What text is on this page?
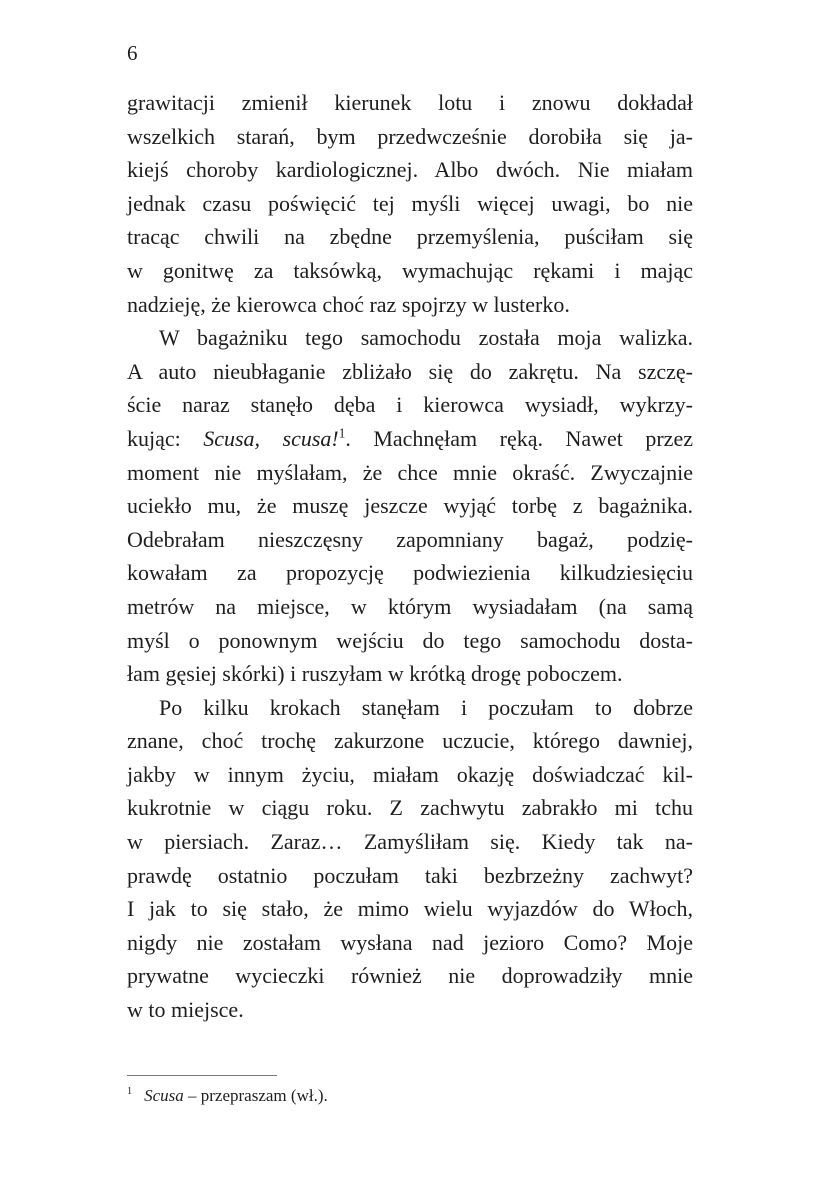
6
grawitacji zmienił kierunek lotu i znowu dokładał
wszelkich starań, bym przedwcześnie dorobiła się ja-
kiejś choroby kardiologicznej. Albo dwóch. Nie miałam
jednak czasu poświęcić tej myśli więcej uwagi, bo nie
tracąc chwili na zbędne przemyślenia, puściłam się
w gonitwę za taksówką, wymachując rękami i mając
nadzieję, że kierowca choć raz spojrzy w lusterko.
W bagażniku tego samochodu została moja walizka.
A auto nieubłaganie zbliżało się do zakrętu. Na szczę-
ście naraz stanęło dęba i kierowca wysiadł, wykrzy-
kując: Scusa, scusa!$^1$. Machnęłam ręką. Nawet przez
moment nie myślałam, że chce mnie okraść. Zwyczajnie
uciekło mu, że muszę jeszcze wyjąć torbę z bagażnika.
Odebrałam nieszczęsny zapomniany bagaż, podzię-
kowałam za propozycję podwiezienia kilkudziesięciu
metrów na miejsce, w którym wysiadałam (na samą
myśl o ponownym wejściu do tego samochodu dosta-
łam gęsiej skórki) i ruszyłam w krótką drogę poboczem.
Po kilku krokach stanęłam i poczułam to dobrze
znane, choć trochę zakurzone uczucie, którego dawniej,
jakby w innym życiu, miałam okazję doświadczać kil-
kukrotnie w ciągu roku. Z zachwytu zabrakło mi tchu
w piersiach. Zaraz… Zamyśliłam się. Kiedy tak na-
prawdę ostatnio poczułam taki bezbrzeżny zachwyt?
I jak to się stało, że mimo wielu wyjazdów do Włoch,
nigdy nie zostałam wysłana nad jezioro Como? Moje
prywatne wycieczki również nie doprowadziły mnie
w to miejsce.
$^1$ Scusa – przepraszam (wł.).
